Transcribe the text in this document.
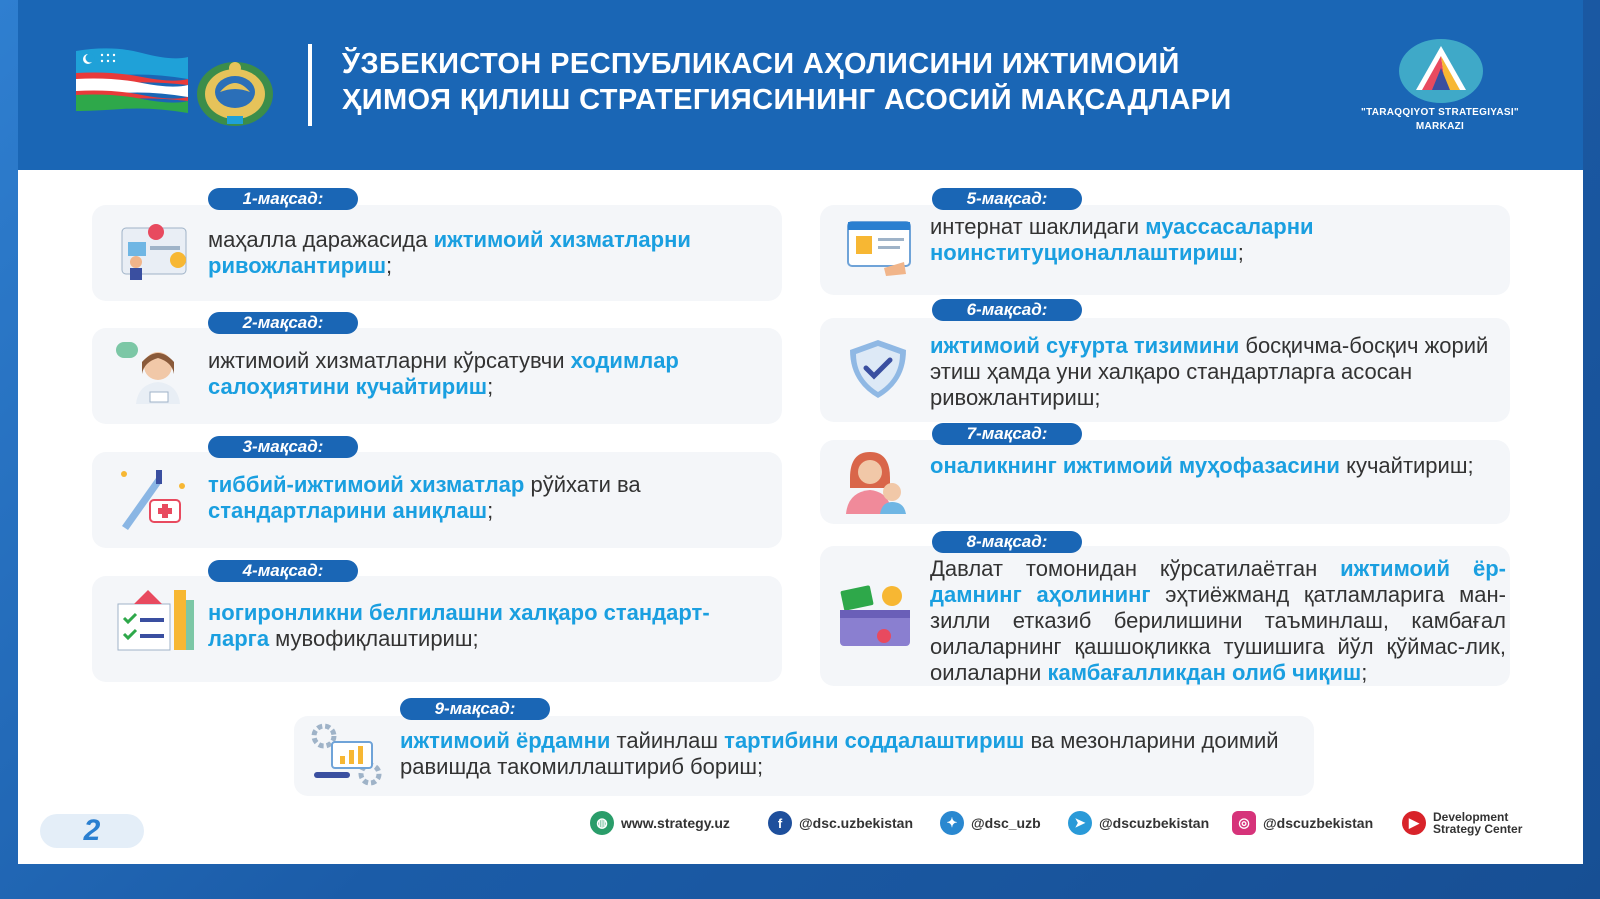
ЎЗБЕКИСТОН РЕСПУБЛИКАСИ АҲОЛИСИНИ ИЖТИМОИЙ
ҲИМОЯ ҚИЛИШ СТРАТЕГИЯСИНИНГ АСОСИЙ МАҚСАДЛАРИ	"TARAQQIYOT STRATEGIYASI"
MARKAZI
1-мақсад:
2-мақсад:
3-мақсад:
4-мақсад:
5-мақсад:
6-мақсад:
7-мақсад:
8-мақсад:
9-мақсад:
маҳалла даражасида ижтимоий хизматларни ривожлантириш;
ижтимоий хизматларни кўрсатувчи ходимлар салоҳиятини кучайтириш;
тиббий-ижтимоий хизматлар рўйхати ва стандартларини аниқлаш;
ногиронликни белгилашни халқаро стандарт-ларга мувофиқлаштириш;
интернат шаклидаги муассасаларни ноинституционаллаштириш;
ижтимоий суғурта тизимини босқичма-босқич жорий этиш ҳамда уни халқаро стандартларга асосан ривожлантириш;
оналикнинг ижтимоий муҳофазасини кучайтириш;
Давлат томонидан кўрсатилаётган ижтимоий ёр-дамнинг аҳолининг эҳтиёжманд қатламларига ман-зилли етказиб берилишини таъминлаш, камбағал оилаларнинг қашшоқликка тушишига йўл қўймас-лик, оилаларни камбағалликдан олиб чиқиш;
ижтимоий ёрдамни тайинлаш тартибини соддалаштириш ва мезонларини доимий равишда такомиллаштириб бориш;
◍ www.strategy.uz	f	@dsc.uzbekistan	✦ @dsc_uzb	➤ @dscuzbekistan	◎ @dscuzbekistan	▶	Development
Strategy Center
2
